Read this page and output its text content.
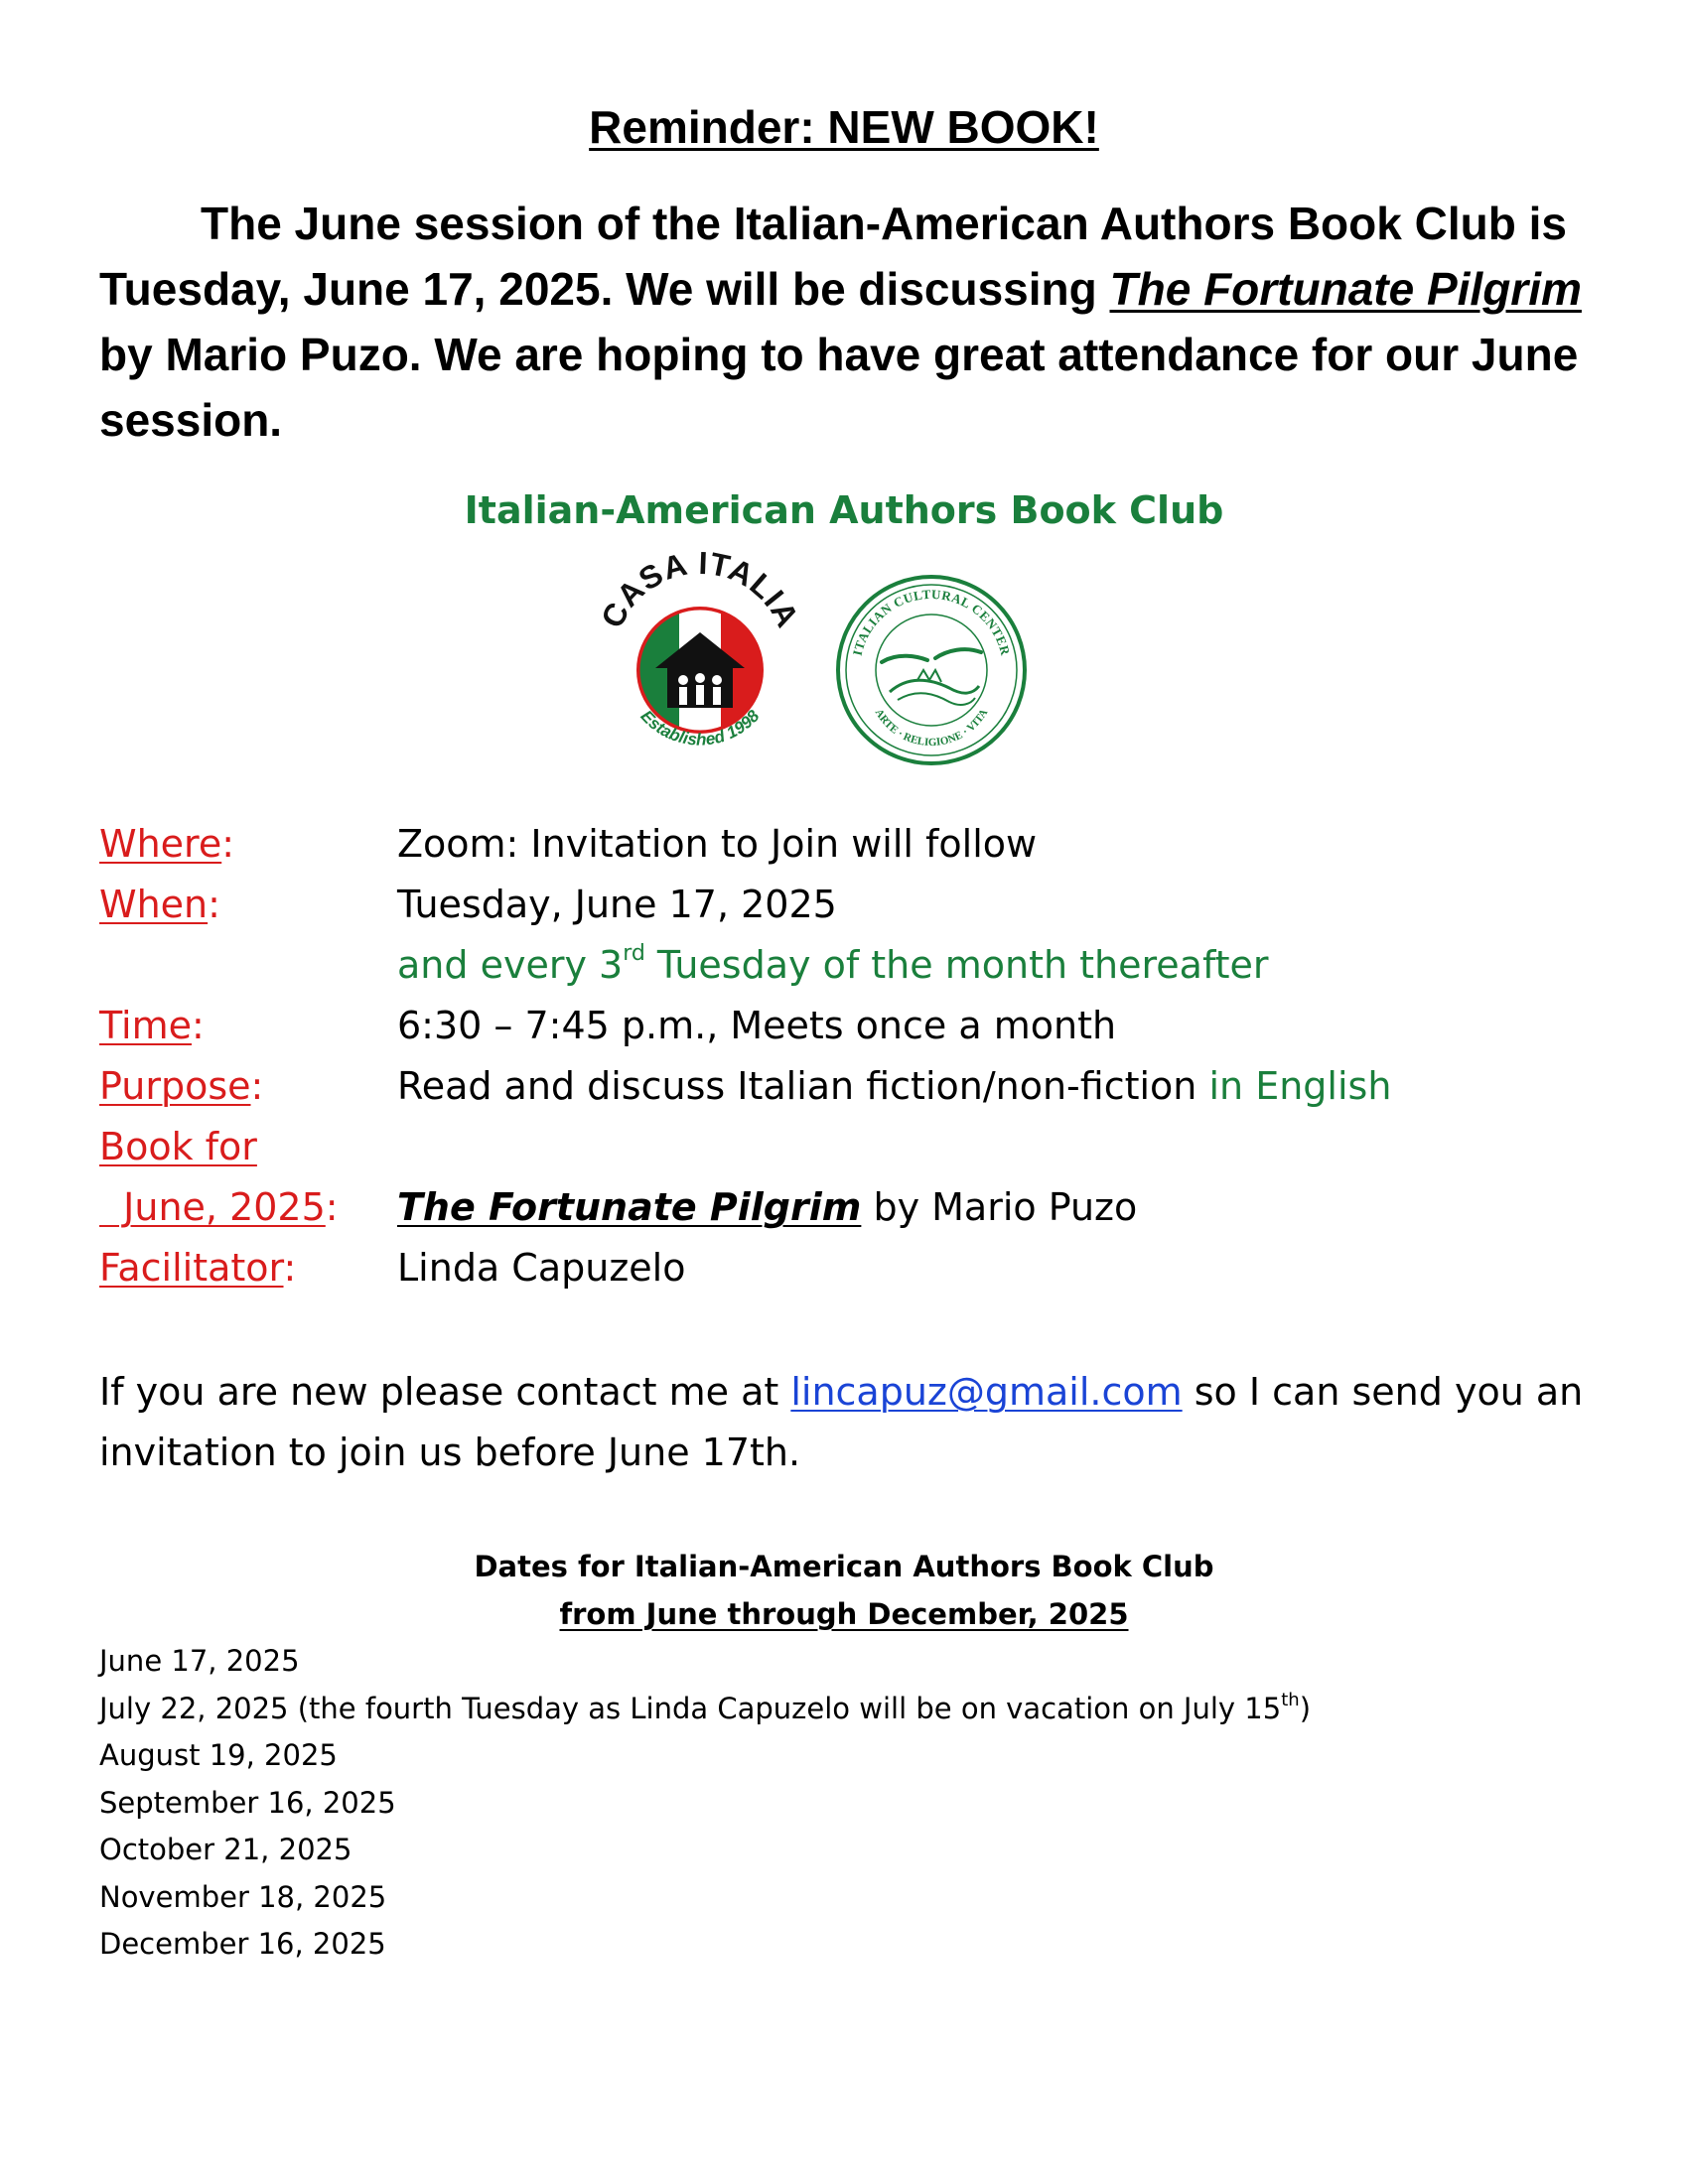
Reminder: NEW BOOK!

The June session of the Italian-American Authors Book Club is Tuesday, June 17, 2025. We will be discussing The Fortunate Pilgrim by Mario Puzo. We are hoping to have great attendance for our June session.

Italian-American Authors Book Club
CASA ITALIA
Established 1998
ITALIAN CULTURAL CENTER
ARTE · RELIGIONE · VITA
Where:	Zoom: Invitation to Join will follow
When:	Tuesday, June 17, 2025
and every 3rd Tuesday of the month thereafter
Time:	6:30 – 7:45 p.m., Meets once a month
Purpose:	Read and discuss Italian fiction/non-fiction in English
Book for
June, 2025: The Fortunate Pilgrim by Mario Puzo
Facilitator:	Linda Capuzelo

If you are new please contact me at lincapuz@gmail.com so I can send you an invitation to join us before June 17th.

Dates for Italian-American Authors Book Club
from June through December, 2025
June 17, 2025
July 22, 2025 (the fourth Tuesday as Linda Capuzelo will be on vacation on July 15th)
August 19, 2025
September 16, 2025
October 21, 2025
November 18, 2025
December 16, 2025
